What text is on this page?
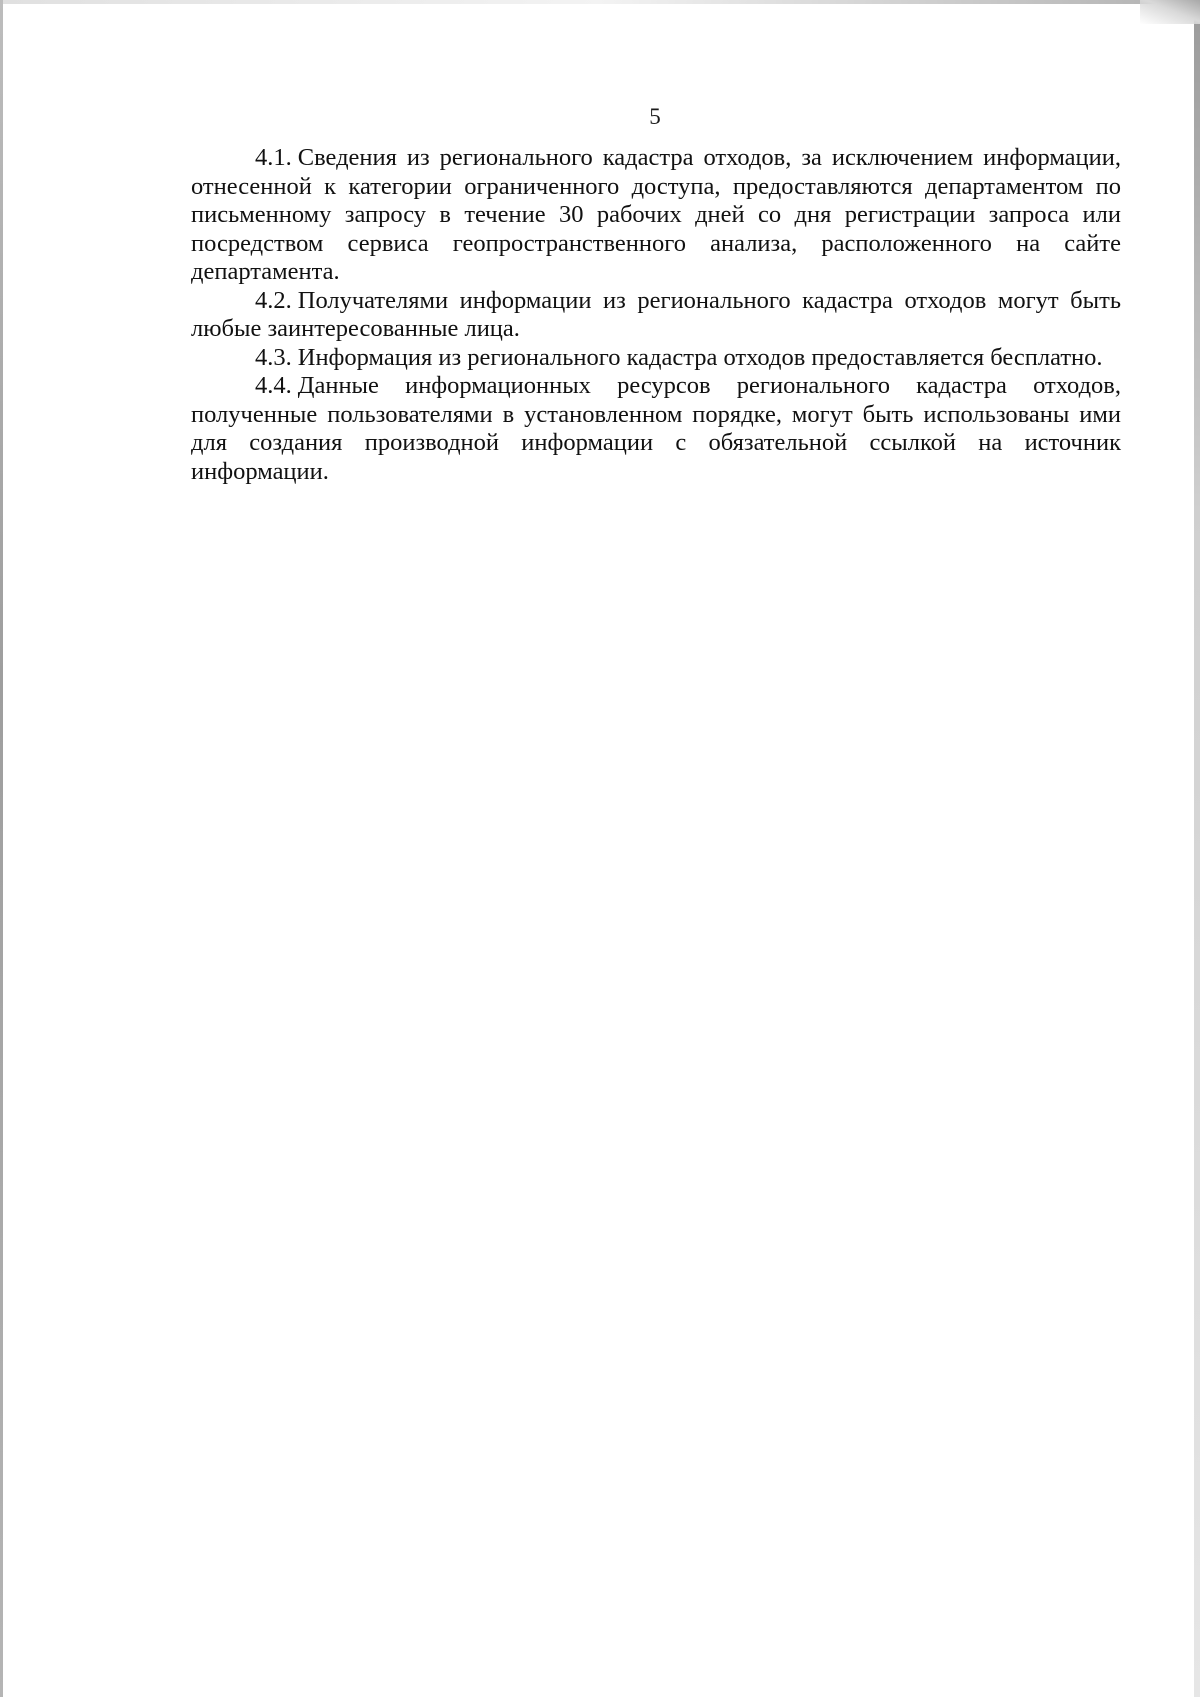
5

4.1. Сведения из регионального кадастра отходов, за исключением информации, отнесенной к категории ограниченного доступа, предоставляются департаментом по письменному запросу в течение 30 рабочих дней со дня регистрации запроса или посредством сервиса геопространственного анализа, расположенного на сайте департамента.

4.2. Получателями информации из регионального кадастра отходов могут быть любые заинтересованные лица.

4.3. Информация из регионального кадастра отходов предоставляется бесплатно.

4.4. Данные информационных ресурсов регионального кадастра отходов, полученные пользователями в установленном порядке, могут быть использованы ими для создания производной информации с обязательной ссылкой на источник информации.
